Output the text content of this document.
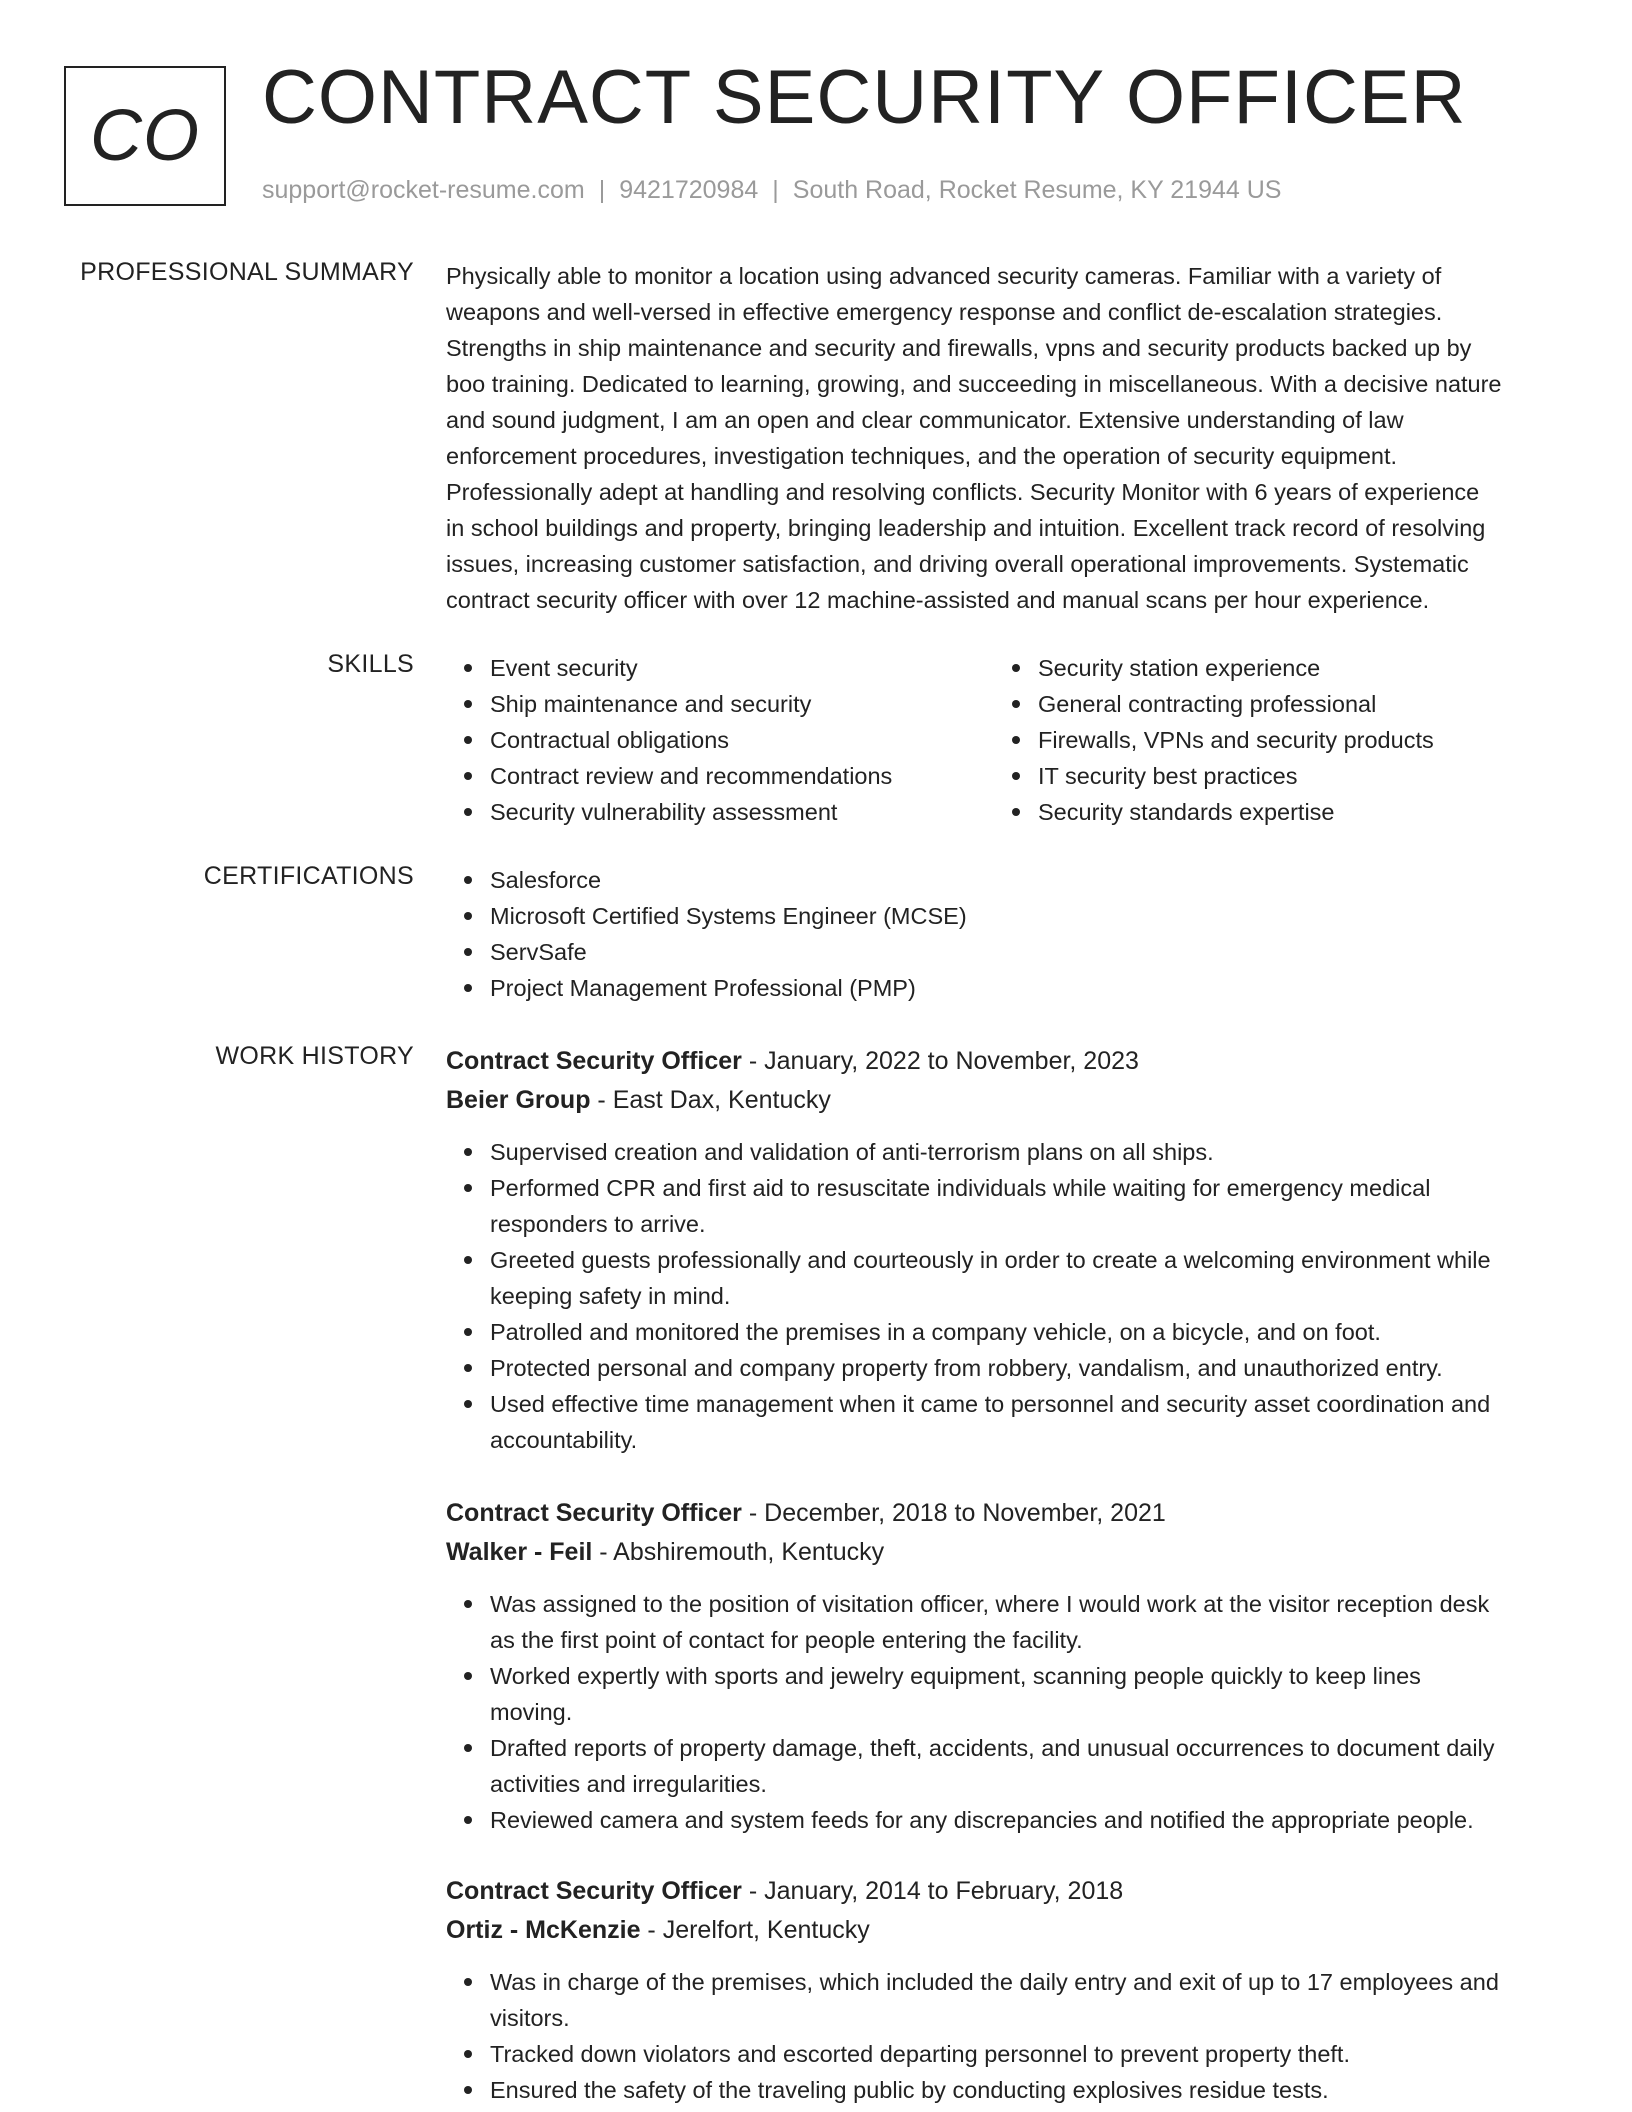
CO CONTRACT SECURITY OFFICER
support@rocket-resume.com | 9421720984 | South Road, Rocket Resume, KY 21944 US
PROFESSIONAL SUMMARY Physically able to monitor a location using advanced security cameras. Familiar with a variety of
weapons and well-versed in effective emergency response and conflict de-escalation strategies.
Strengths in ship maintenance and security and firewalls, vpns and security products backed up by
boo training. Dedicated to learning, growing, and succeeding in miscellaneous. With a decisive nature
and sound judgment, I am an open and clear communicator. Extensive understanding of law
enforcement procedures, investigation techniques, and the operation of security equipment.
Professionally adept at handling and resolving conflicts. Security Monitor with 6 years of experience
in school buildings and property, bringing leadership and intuition. Excellent track record of resolving
issues, increasing customer satisfaction, and driving overall operational improvements. Systematic
contract security officer with over 12 machine-assisted and manual scans per hour experience.
SKILLS	Event security
Ship maintenance and security
Contractual obligations
Contract review and recommendations
Security vulnerability assessment
Security station experience
General contracting professional
Firewalls, VPNs and security products
IT security best practices
Security standards expertise
CERTIFICATIONS	Salesforce
Microsoft Certified Systems Engineer (MCSE)
ServSafe
Project Management Professional (PMP)
WORK HISTORY Contract Security Officer - January, 2022 to November, 2023
Beier Group - East Dax, Kentucky
Supervised creation and validation of anti-terrorism plans on all ships.
Performed CPR and first aid to resuscitate individuals while waiting for emergency medical
responders to arrive.
Greeted guests professionally and courteously in order to create a welcoming environment while
keeping safety in mind.
Patrolled and monitored the premises in a company vehicle, on a bicycle, and on foot.
Protected personal and company property from robbery, vandalism, and unauthorized entry.
Used effective time management when it came to personnel and security asset coordination and
accountability.
Contract Security Officer - December, 2018 to November, 2021
Walker - Feil - Abshiremouth, Kentucky
Was assigned to the position of visitation officer, where I would work at the visitor reception desk
as the first point of contact for people entering the facility.
Worked expertly with sports and jewelry equipment, scanning people quickly to keep lines
moving.
Drafted reports of property damage, theft, accidents, and unusual occurrences to document daily
activities and irregularities.
Reviewed camera and system feeds for any discrepancies and notified the appropriate people.
Contract Security Officer - January, 2014 to February, 2018
Ortiz - McKenzie - Jerelfort, Kentucky
Was in charge of the premises, which included the daily entry and exit of up to 17 employees and
visitors.
Tracked down violators and escorted departing personnel to prevent property theft.
Ensured the safety of the traveling public by conducting explosives residue tests.
